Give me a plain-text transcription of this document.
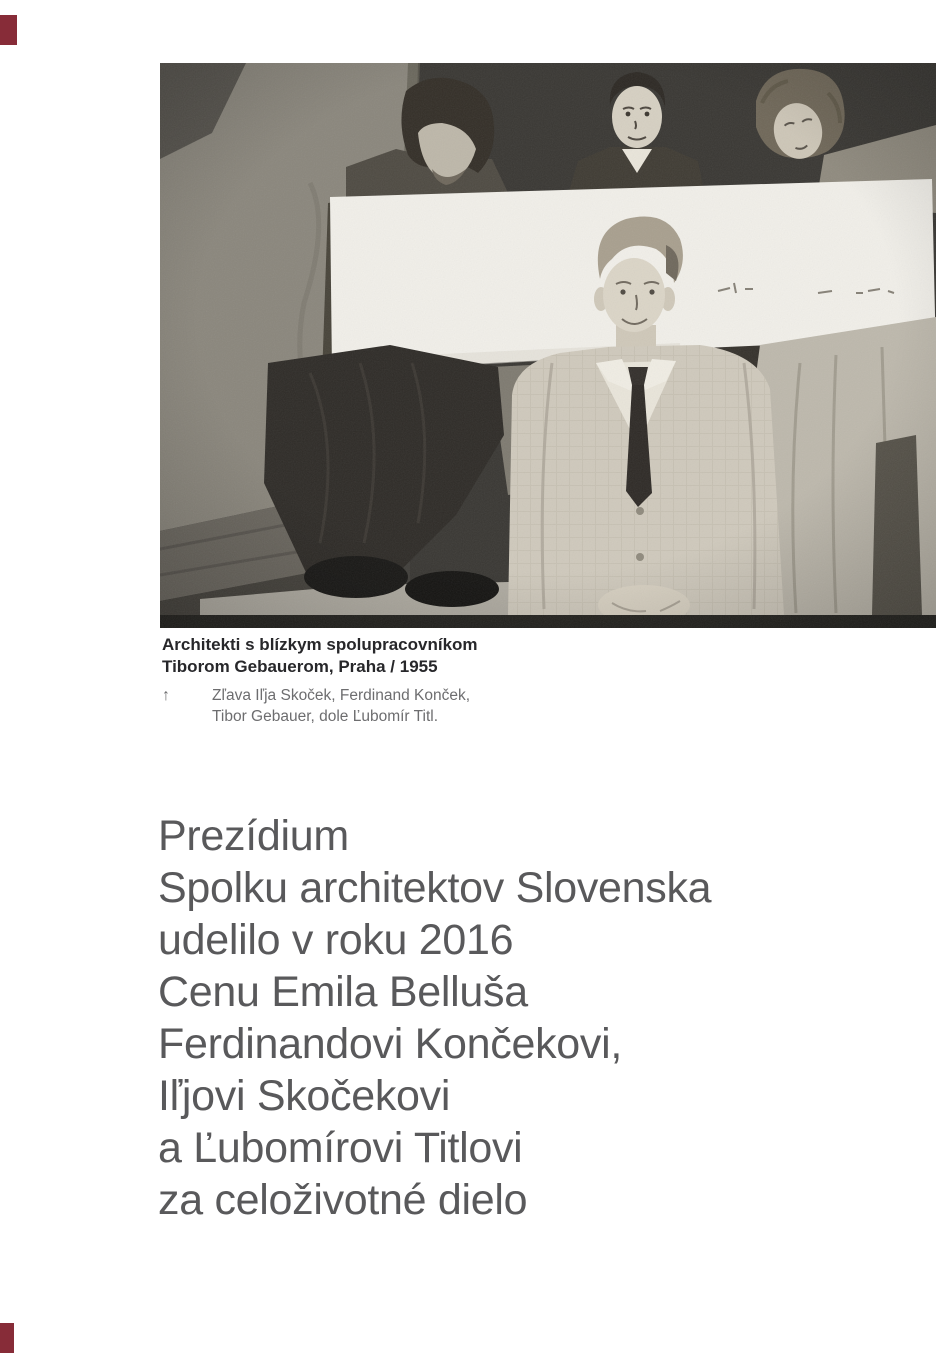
Architekti s blízkym spolupracovníkom
Tiborom Gebauerom, Praha / 1955
↑	Zľava Iľja Skoček, Ferdinand Konček,
Tibor Gebauer, dole Ľubomír Titl.
Prezídium
Spolku architektov Slovenska
udelilo v roku 2016
Cenu Emila Belluša
Ferdinandovi Končekovi,
Iľjovi Skočekovi
a Ľubomírovi Titlovi
za celoživotné dielo
